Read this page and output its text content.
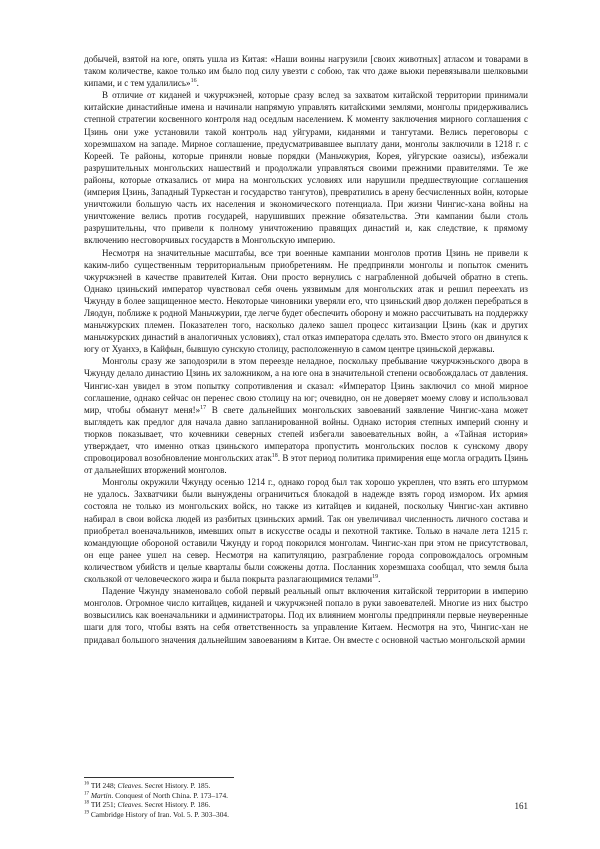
добычей, взятой на юге, опять ушла из Китая: «Наши воины нагрузили [своих животных] атласом и товарами в таком количестве, какое только им было под силу увезти с собою, так что даже вьюки перевязывали шелковыми кипами, и с тем удалились»$^{16}$.

В отличие от киданей и чжурчжэней, которые сразу вслед за захватом китайской территории принимали китайские династийные имена и начинали напрямую управлять китайскими землями, монголы придерживались степной стратегии косвенного контроля над оседлым населением. К моменту заключения мирного соглашения с Цзинь они уже установили такой контроль над уйгурами, киданями и тангутами. Велись переговоры с хорезмшахом на западе. Мирное соглашение, предусматривавшее выплату дани, монголы заключили в 1218 г. с Кореей. Те районы, которые приняли новые порядки (Маньчжурия, Корея, уйгурские оазисы), избежали разрушительных монгольских нашествий и продолжали управляться своими прежними правителями. Те же районы, которые отказались от мира на монгольских условиях или нарушили предшествующие соглашения (империя Цзинь, Западный Туркестан и государство тангутов), превратились в арену бесчисленных войн, которые уничтожили большую часть их населения и экономического потенциала. При жизни Чингис-хана войны на уничтожение велись против государей, нарушивших прежние обязательства. Эти кампании были столь разрушительны, что привели к полному уничтожению правящих династий и, как следствие, к прямому включению несговорчивых государств в Монгольскую империю.

Несмотря на значительные масштабы, все три военные кампании монголов против Цзинь не привели к каким-либо существенным территориальным приобретениям. Не предприняли монголы и попыток сменить чжурчжэней в качестве правителей Китая. Они просто вернулись с награбленной добычей обратно в степь. Однако цзиньский император чувствовал себя очень уязвимым для монгольских атак и решил переехать из Чжунду в более защищенное место. Некоторые чиновники уверяли его, что цзиньский двор должен перебраться в Ляодун, поближе к родной Маньчжурии, где легче будет обеспечить оборону и можно рассчитывать на поддержку маньчжурских племен. Показателен того, насколько далеко зашел процесс китаизации Цзинь (как и других маньчжурских династий в аналогичных условиях), стал отказ императора сделать это. Вместо этого он двинулся к югу от Хуанхэ, в Кайфын, бывшую сунскую столицу, расположенную в самом центре цзиньской державы.

Монголы сразу же заподозрили в этом переезде неладное, поскольку пребывание чжурчжэньского двора в Чжунду делало династию Цзинь их заложником, а на юге она в значительной степени освобождалась от давления. Чингис-хан увидел в этом попытку сопротивления и сказал: «Император Цзинь заключил со мной мирное соглашение, однако сейчас он перенес свою столицу на юг; очевидно, он не доверяет моему слову и использовал мир, чтобы обманут меня!»$^{17}$ В свете дальнейших монгольских завоеваний заявление Чингис-хана может выглядеть как предлог для начала давно запланированной войны. Однако история степных империй сюнну и тюрков показывает, что кочевники северных степей избегали завоевательных войн, а «Тайная история» утверждает, что именно отказ цзиньского императора пропустить монгольских послов к сунскому двору спровоцировал возобновление монгольских атак$^{18}$. В этот период политика примирения еще могла оградить Цзинь от дальнейших вторжений монголов.

Монголы окружили Чжунду осенью 1214 г., однако город был так хорошо укреплен, что взять его штурмом не удалось. Захватчики были вынуждены ограничиться блокадой в надежде взять город измором. Их армия состояла не только из монгольских войск, но также из китайцев и киданей, поскольку Чингис-хан активно набирал в свои войска людей из разбитых цзиньских армий. Так он увеличивал численность личного состава и приобретал военачальников, имевших опыт в искусстве осады и пехотной тактике. Только в начале лета 1215 г. командующие обороной оставили Чжунду и город покорился монголам. Чингис-хан при этом не присутствовал, он еще ранее ушел на север. Несмотря на капитуляцию, разграбление города сопровождалось огромным количеством убийств и целые кварталы были сожжены дотла. Посланник хорезмшаха сообщал, что земля была скользкой от человеческого жира и была покрыта разлагающимися телами$^{19}$.

Падение Чжунду знаменовало собой первый реальный опыт включения китайской территории в империю монголов. Огромное число китайцев, киданей и чжурчжэней попало в руки завоевателей. Многие из них быстро возвысились как военачальники и администраторы. Под их влиянием монголы предприняли первые неуверенные шаги для того, чтобы взять на себя ответственность за управление Китаем. Несмотря на это, Чингис-хан не придавал большого значения дальнейшим завоеваниям в Китае. Он вместе с основной частью монгольской армии

$^{16}$ ТИ 248; Cleaves. Secret History. P. 185.
$^{17}$ Martin. Conquest of North China. P. 173–174.
$^{18}$ ТИ 251; Cleaves. Secret History. P. 186.
$^{19}$ Cambridge History of Iran. Vol. 5. P. 303–304.
161
